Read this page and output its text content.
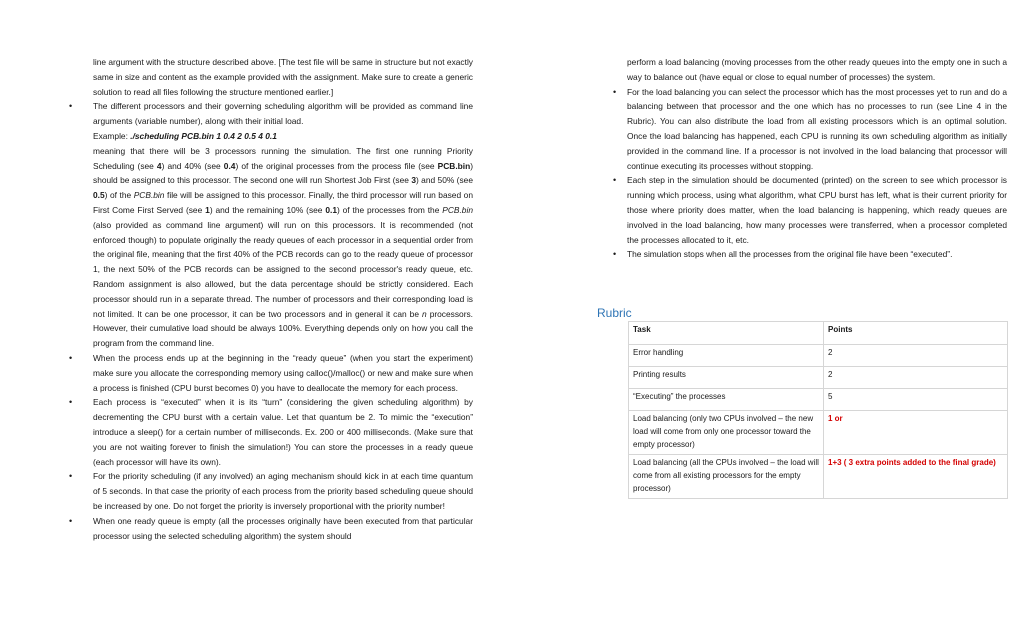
line argument with the structure described above. [The test file will be same in structure but not exactly same in size and content as the example provided with the assignment. Make sure to create a generic solution to read all files following the structure mentioned earlier.]

• The different processors and their governing scheduling algorithm will be provided as command line arguments (variable number), along with their initial load.
Example: ./scheduling PCB.bin 1 0.4 2 0.5 4 0.1
meaning that there will be 3 processors running the simulation. The first one running Priority Scheduling (see 4) and 40% (see 0.4) of the original processes from the process file (see PCB.bin) should be assigned to this processor. The second one will run Shortest Job First (see 3) and 50% (see 0.5) of the PCB.bin file will be assigned to this processor. Finally, the third processor will run based on First Come First Served (see 1) and the remaining 10% (see 0.1) of the processes from the PCB.bin (also provided as command line argument) will run on this processors. It is recommended (not enforced though) to populate originally the ready queues of each processor in a sequential order from the original file, meaning that the first 40% of the PCB records can go to the ready queue of processor 1, the next 50% of the PCB records can be assigned to the second processor's ready queue, etc. Random assignment is also allowed, but the data percentage should be strictly considered. Each processor should run in a separate thread. The number of processors and their corresponding load is not limited. It can be one processor, it can be two processors and in general it can be n processors. However, their cumulative load should be always 100%. Everything depends only on how you call the program from the command line.
• When the process ends up at the beginning in the “ready queue” (when you start the experiment) make sure you allocate the corresponding memory using calloc()/malloc() or new and make sure when a process is finished (CPU burst becomes 0) you have to deallocate the memory for each process.
• Each process is “executed” when it is its “turn” (considering the given scheduling algorithm) by decrementing the CPU burst with a certain value. Let that quantum be 2. To mimic the “execution” introduce a sleep() for a certain number of milliseconds. Ex. 200 or 400 milliseconds. (Make sure that you are not waiting forever to finish the simulation!) You can store the processes in a ready queue (each processor will have its own).
• For the priority scheduling (if any involved) an aging mechanism should kick in at each time quantum of 5 seconds. In that case the priority of each process from the priority based scheduling queue should be increased by one. Do not forget the priority is inversely proportional with the priority number!
• When one ready queue is empty (all the processes originally have been executed from that particular processor using the selected scheduling algorithm) the system should

perform a load balancing (moving processes from the other ready queues into the empty one in such a way to balance out (have equal or close to equal number of processes) the system.

• For the load balancing you can select the processor which has the most processes yet to run and do a balancing between that processor and the one which has no processes to run (see Line 4 in the Rubric). You can also distribute the load from all existing processors which is an optimal solution. Once the load balancing has happened, each CPU is running its own scheduling algorithm as initially provided in the command line. If a processor is not involved in the load balancing that processor will continue executing its processes without stopping.
• Each step in the simulation should be documented (printed) on the screen to see which processor is running which process, using what algorithm, what CPU burst has left, what is their current priority for those where priority does matter, when the load balancing is happening, which ready queues are involved in the load balancing, how many processes were transferred, when a processor completed the processes allocated to it, etc.
• The simulation stops when all the processes from the original file have been “executed”.
Rubric
Task	Points
Error handling	2
Printing results	2
“Executing” the processes	5
Load balancing (only two CPUs involved – the new load will come from only one processor toward the empty processor)	1 or
Load balancing (all the CPUs involved – the load will come from all existing processors for the empty processor)	1+3 ( 3 extra points added to the final grade)
